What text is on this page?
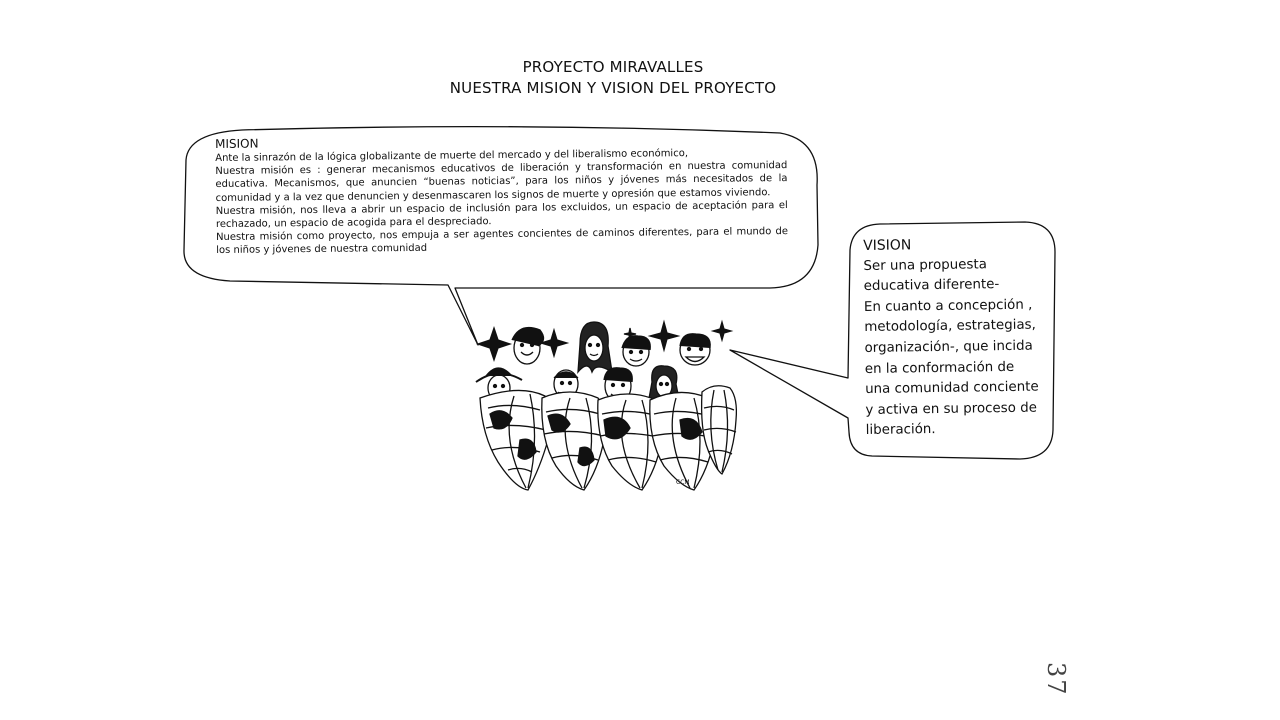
PROYECTO MIRAVALLES
NUESTRA MISION Y VISION DEL PROYECTO
CCM
MISION

Ante la sinrazón de la lógica globalizante de muerte del mercado y del liberalismo económico,

Nuestra misión es : generar mecanismos educativos de liberación y transformación en nuestra comunidad educativa. Mecanismos, que anuncien “buenas noticias”, para los niños y jóvenes más necesitados de la comunidad y a la vez que denuncien y desenmascaren los signos de muerte y opresión que estamos viviendo.

Nuestra misión, nos lleva a abrir un espacio de inclusión para los excluidos, un espacio de aceptación para el rechazado, un espacio de acogida para el despreciado.

Nuestra misión como proyecto, nos empuja a ser agentes concientes de caminos diferentes, para el mundo de los niños y jóvenes de nuestra comunidad	VISION
Ser una propuesta
educativa diferente-
En cuanto a concepción ,
metodología, estrategias,
organización-, que incida
en la conformación de
una comunidad conciente
y activa en su proceso de
liberación.
37
